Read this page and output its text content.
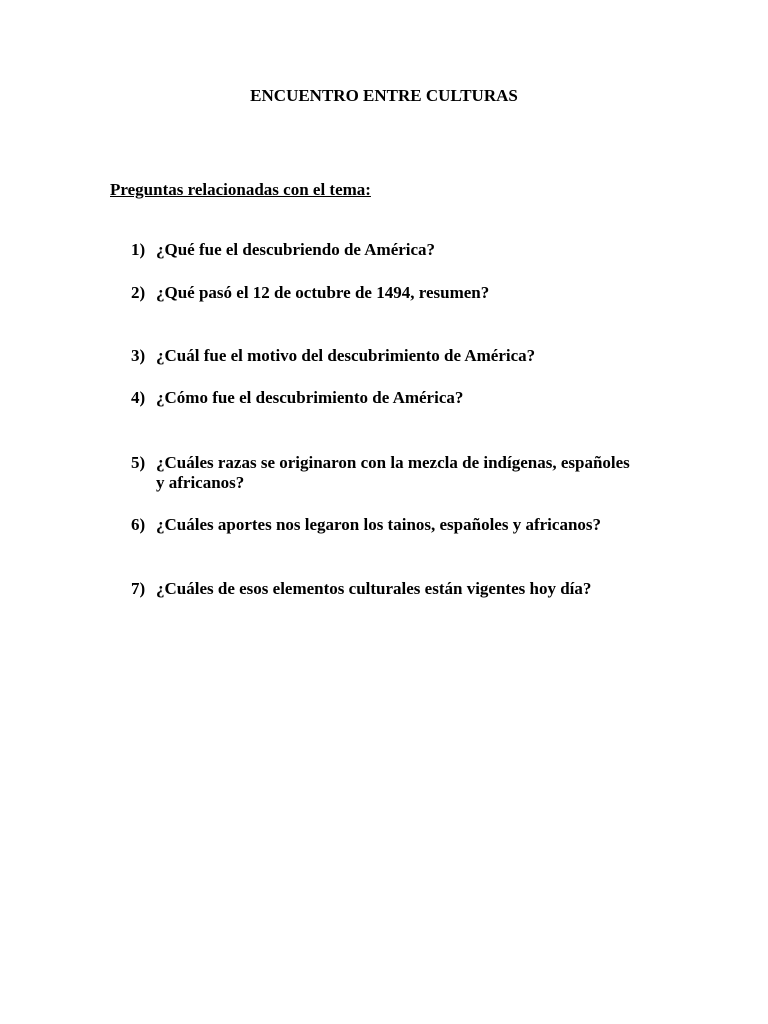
ENCUENTRO ENTRE CULTURAS

Preguntas relacionadas con el tema:

1) ¿Qué fue el descubriendo de América?
2) ¿Qué pasó el 12 de octubre de 1494, resumen?
3) ¿Cuál fue el motivo del descubrimiento de América?
4) ¿Cómo fue el descubrimiento de América?
5) ¿Cuáles razas se originaron con la mezcla de indígenas, españoles
y africanos?
6) ¿Cuáles aportes nos legaron los tainos, españoles y africanos?
7) ¿Cuáles de esos elementos culturales están vigentes hoy día?
